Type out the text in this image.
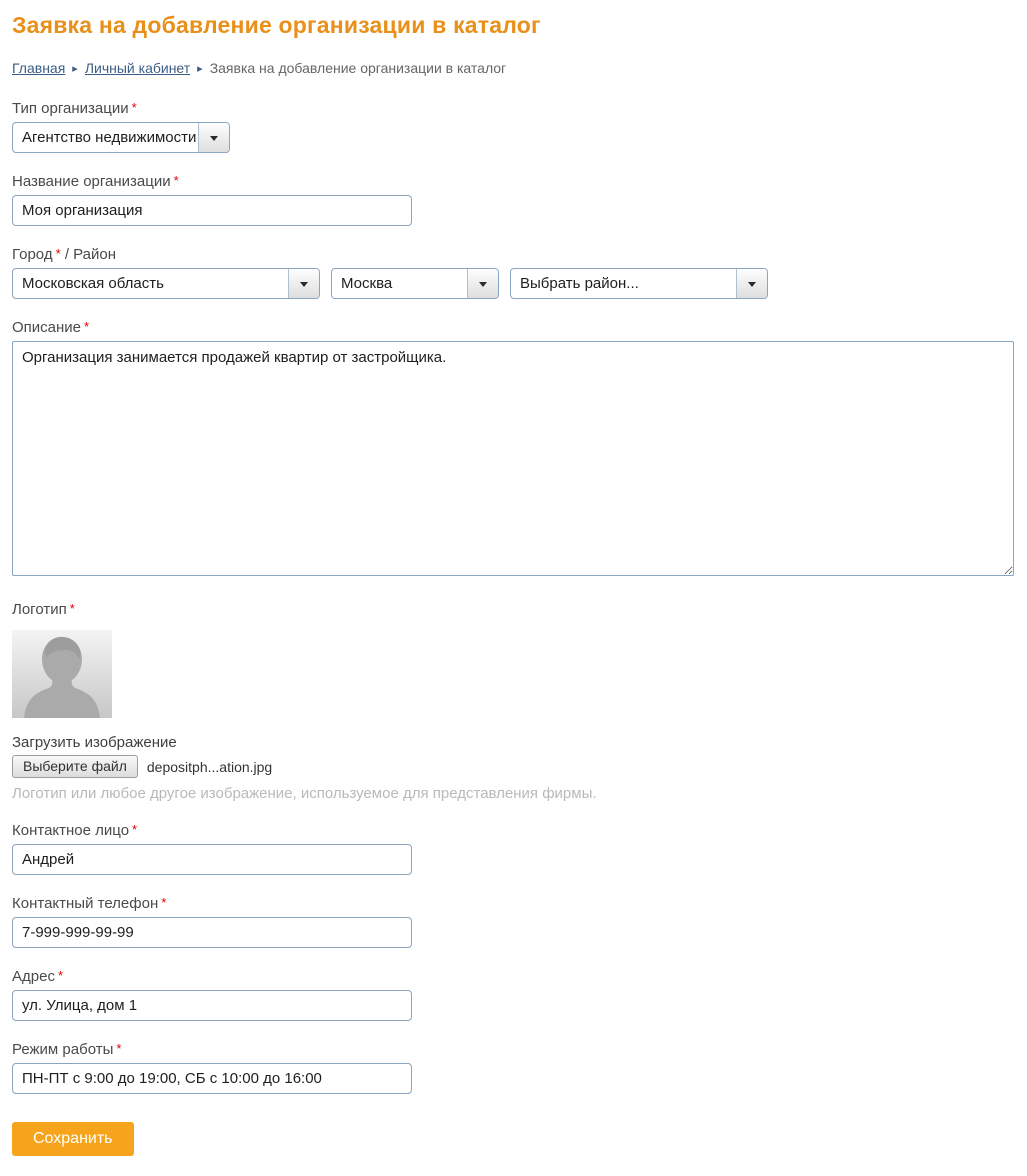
Заявка на добавление организации в каталог
Главная ▸ Личный кабинет ▸ Заявка на добавление организации в каталог
Тип организации *
Агентство недвижимости
Название организации *
Моя организация
Город * / Район
Московская область	Москва	Выбрать район...
Описание *
Организация занимается продажей квартир от застройщика.
Логотип *
Загрузить изображение
Выберите файл	depositph...ation.jpg
Логотип или любое другое изображение, используемое для представления фирмы.
Контактное лицо *
Андрей
Контактный телефон *
7-999-999-99-99
Адрес *
ул. Улица, дом 1
Режим работы *
ПН-ПТ с 9:00 до 19:00, СБ с 10:00 до 16:00
Сохранить
